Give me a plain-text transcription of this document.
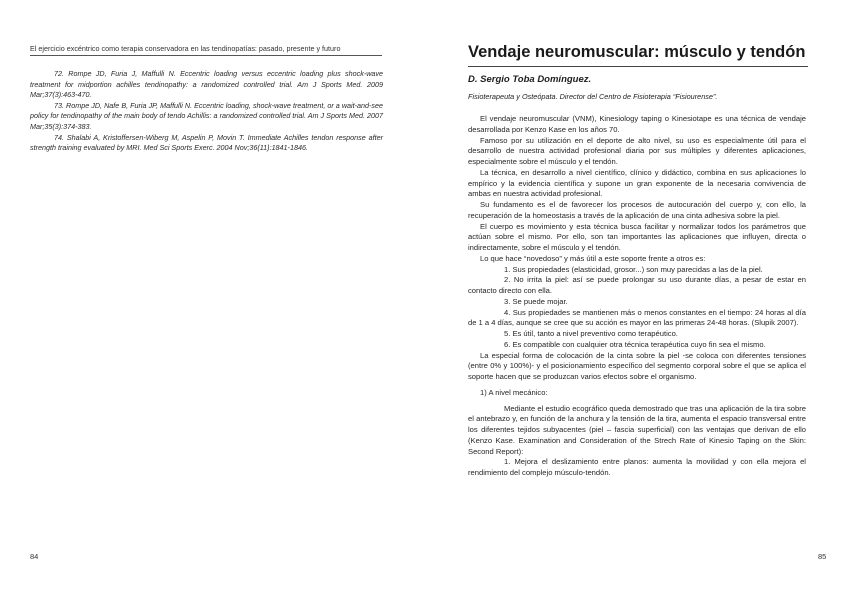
El ejercicio excéntrico como terapia conservadora en las tendinopatías: pasado, presente y futuro

72. Rompe JD, Furia J, Maffulli N. Eccentric loading versus eccentric loading plus shock-wave treatment for midportion achilles tendinopathy: a randomized controlled trial. Am J Sports Med. 2009 Mar;37(3):463-470.

73. Rompe JD, Nafe B, Furia JP, Maffulli N. Eccentric loading, shock-wave treatment, or a wait-and-see policy for tendinopathy of the main body of tendo Achillis: a randomized controlled trial. Am J Sports Med. 2007 Mar;35(3):374-383.

74. Shalabi A, Kristoffersen-Wiberg M, Aspelin P, Movin T. Immediate Achilles tendon response after strength training evaluated by MRI. Med Sci Sports Exerc. 2004 Nov;36(11):1841-1846.

84
Vendaje neuromuscular: músculo y tendón

D. Sergio Toba Domínguez.

Fisioterapeuta y Osteópata. Director del Centro de Fisioterapia “Fisiourense”.

El vendaje neuromuscular (VNM), Kinesiology taping o Kinesiotape es una técnica de vendaje desarrollada por Kenzo Kase en los años 70.

Famoso por su utilización en el deporte de alto nivel, su uso es especialmente útil para el desarrollo de nuestra actividad profesional diaria por sus múltiples y diferentes aplicaciones, especialmente sobre el músculo y el tendón.

La técnica, en desarrollo a nivel científico, clínico y didáctico, combina en sus aplicaciones lo empírico y la evidencia científica y supone un gran exponente de la necesaria convivencia de ambas en nuestra actividad profesional.

Su fundamento es el de favorecer los procesos de autocuración del cuerpo y, con ello, la recuperación de la homeostasis a través de la aplicación de una cinta adhesiva sobre la piel.

El cuerpo es movimiento y esta técnica busca facilitar y normalizar todos los parámetros que actúan sobre el mismo. Por ello, son tan importantes las aplicaciones que influyen, directa o indirectamente, sobre el músculo y el tendón.

Lo que hace “novedoso” y más útil a este soporte frente a otros es:

1. Sus propiedades (elasticidad, grosor...) son muy parecidas a las de la piel.

2. No irrita la piel: así se puede prolongar su uso durante días, a pesar de estar en contacto directo con ella.

3. Se puede mojar.

4. Sus propiedades se mantienen más o menos constantes en el tiempo: 24 horas al día de 1 a 4 días, aunque se cree que su acción es mayor en las primeras 24-48 horas. (Slupik 2007).

5. Es útil, tanto a nivel preventivo como terapéutico.

6. Es compatible con cualquier otra técnica terapéutica cuyo fin sea el mismo.

La especial forma de colocación de la cinta sobre la piel -se coloca con diferentes tensiones (entre 0% y 100%)- y el posicionamiento específico del segmento corporal sobre el que se aplica el soporte hacen que se produzcan varios efectos sobre el organismo.

1) A nivel mecánico:

Mediante el estudio ecográfico queda demostrado que tras una aplicación de la tira sobre el antebrazo y, en función de la anchura y la tensión de la tira, aumenta el espacio transversal entre los diferentes tejidos subyacentes (piel – fascia superficial) con las ventajas que derivan de ello (Kenzo Kase. Examination and Consideration of the Strech Rate of Kinesio Taping on the Skin: Second Report):

1. Mejora el deslizamiento entre planos: aumenta la movilidad y con ella mejora el rendimiento del complejo músculo-tendón.

85
